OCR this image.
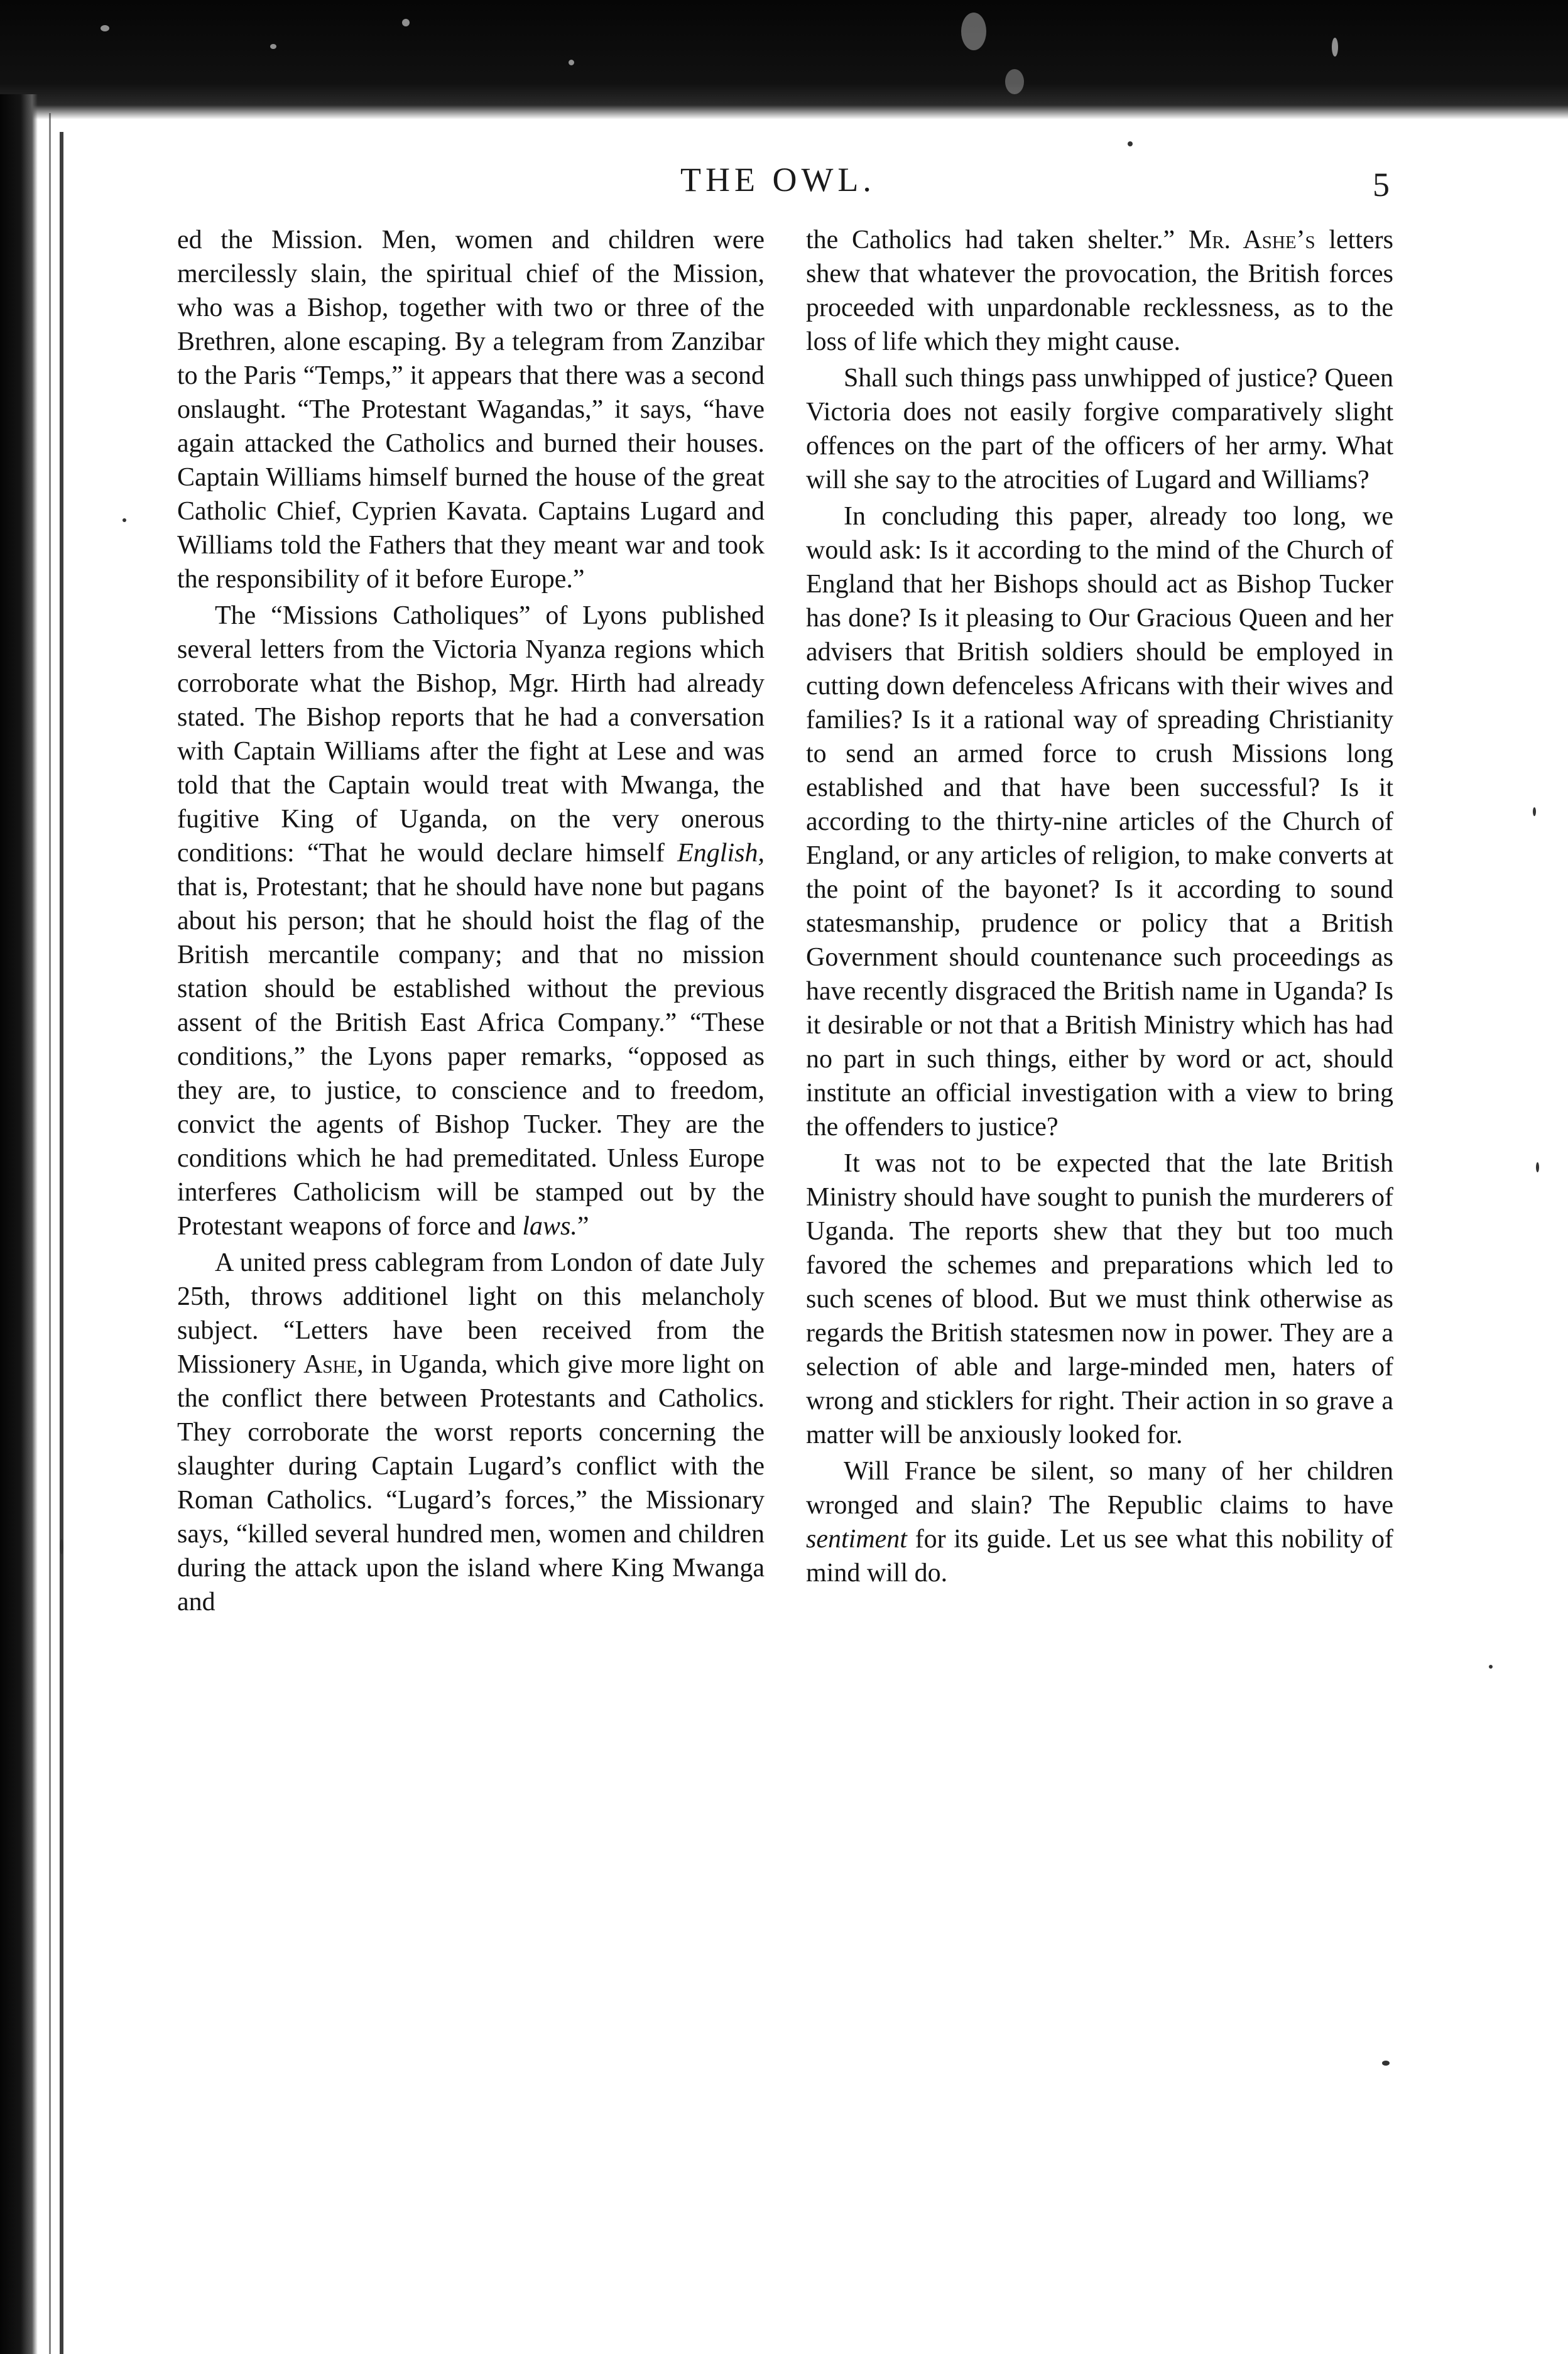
THE OWL.	5

ed the Mission. Men, women and children were mercilessly slain, the spiritual chief of the Mission, who was a Bishop, together with two or three of the Brethren, alone escaping. By a telegram from Zanzibar to the Paris “Temps,” it appears that there was a second onslaught. “The Protestant Wagandas,” it says, “have again attacked the Catholics and burned their houses. Captain Williams himself burned the house of the great Catholic Chief, Cyprien Kavata. Captains Lugard and Williams told the Fathers that they meant war and took the responsibility of it before Europe.”

The “Missions Catholiques” of Lyons published several letters from the Victoria Nyanza regions which corroborate what the Bishop, Mgr. Hirth had already stated. The Bishop reports that he had a conversation with Captain Williams after the fight at Lese and was told that the Captain would treat with Mwanga, the fugitive King of Uganda, on the very onerous conditions: “That he would declare himself English, that is, Protestant; that he should have none but pagans about his person; that he should hoist the flag of the British mercantile company; and that no mission station should be established without the previous assent of the British East Africa Company.” “These conditions,” the Lyons paper remarks, “opposed as they are, to justice, to conscience and to freedom, convict the agents of Bishop Tucker. They are the conditions which he had premeditated. Unless Europe interferes Catholicism will be stamped out by the Protestant weapons of force and laws.”

A united press cablegram from London of date July 25th, throws additionel light on this melancholy subject. “Letters have been received from the Missionery Ashe, in Uganda, which give more light on the conflict there between Protestants and Catholics. They corroborate the worst reports concerning the slaughter during Captain Lugard’s conflict with the Roman Catholics. “Lugard’s forces,” the Missionary says, “killed several hundred men, women and children during the attack upon the island where King Mwanga and

the Catholics had taken shelter.” Mr. Ashe’s letters shew that whatever the provocation, the British forces proceeded with unpardonable recklessness, as to the loss of life which they might cause.

Shall such things pass unwhipped of justice? Queen Victoria does not easily forgive comparatively slight offences on the part of the officers of her army. What will she say to the atrocities of Lugard and Williams?

In concluding this paper, already too long, we would ask: Is it according to the mind of the Church of England that her Bishops should act as Bishop Tucker has done? Is it pleasing to Our Gracious Queen and her advisers that British soldiers should be employed in cutting down defenceless Africans with their wives and families? Is it a rational way of spreading Christianity to send an armed force to crush Missions long established and that have been successful? Is it according to the thirty-nine articles of the Church of England, or any articles of religion, to make converts at the point of the bayonet? Is it according to sound statesmanship, prudence or policy that a British Government should countenance such proceedings as have recently disgraced the British name in Uganda? Is it desirable or not that a British Ministry which has had no part in such things, either by word or act, should institute an official investigation with a view to bring the offenders to justice?

It was not to be expected that the late British Ministry should have sought to punish the murderers of Uganda. The reports shew that they but too much favored the schemes and preparations which led to such scenes of blood. But we must think otherwise as regards the British statesmen now in power. They are a selection of able and large-minded men, haters of wrong and sticklers for right. Their action in so grave a matter will be anxiously looked for.

Will France be silent, so many of her children wronged and slain? The Republic claims to have sentiment for its guide. Let us see what this nobility of mind will do.
